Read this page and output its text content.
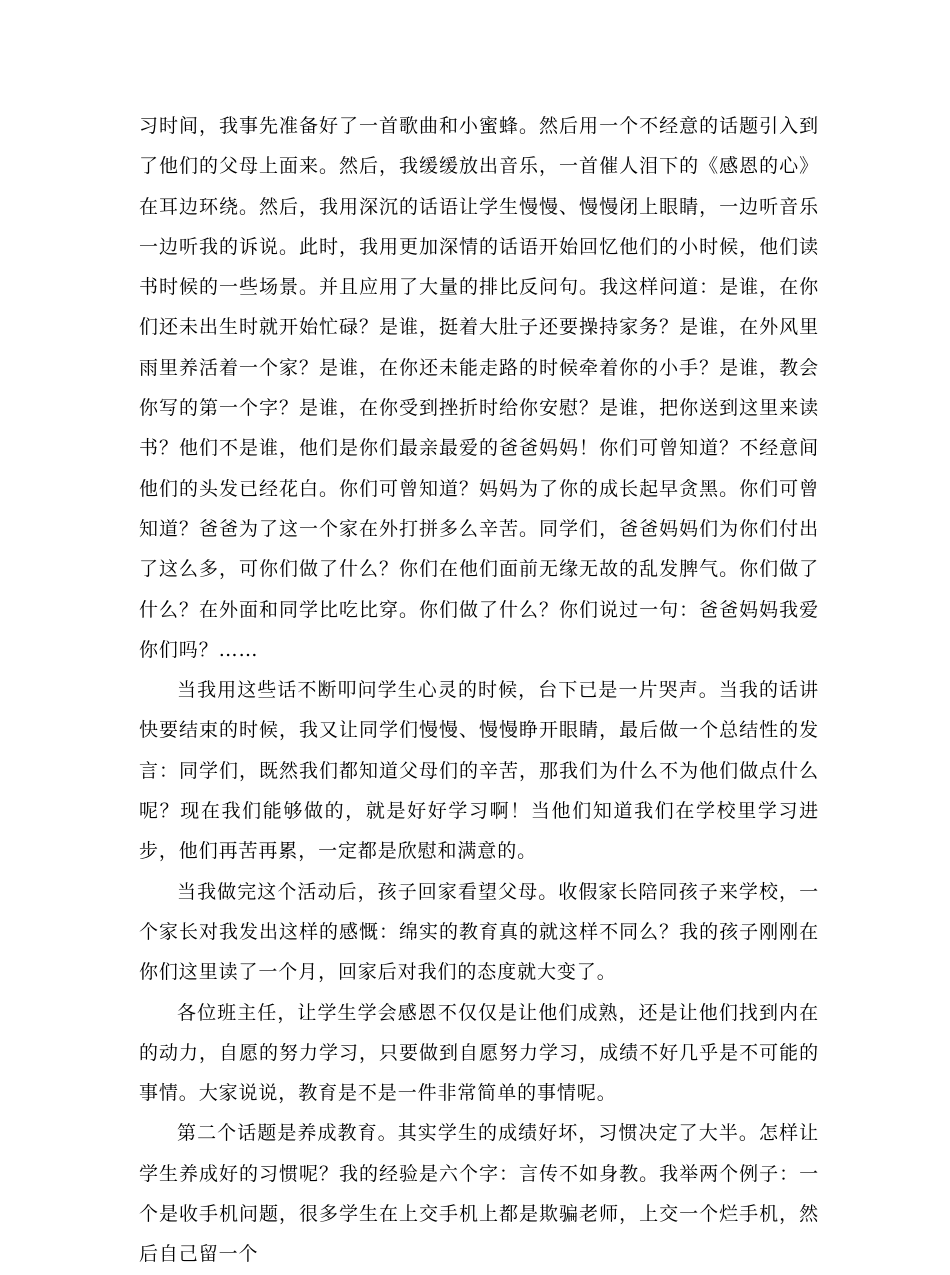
习时间，我事先准备好了一首歌曲和小蜜蜂。然后用一个不经意的话题引入到了他们的父母上面来。然后，我缓缓放出音乐，一首催人泪下的《感恩的心》在耳边环绕。然后，我用深沉的话语让学生慢慢、慢慢闭上眼睛，一边听音乐一边听我的诉说。此时，我用更加深情的话语开始回忆他们的小时候，他们读书时候的一些场景。并且应用了大量的排比反问句。我这样问道：是谁，在你们还未出生时就开始忙碌？是谁，挺着大肚子还要操持家务？是谁，在外风里雨里养活着一个家？是谁，在你还未能走路的时候牵着你的小手？是谁，教会你写的第一个字？是谁，在你受到挫折时给你安慰？是谁，把你送到这里来读书？他们不是谁，他们是你们最亲最爱的爸爸妈妈！你们可曾知道？不经意间他们的头发已经花白。你们可曾知道？妈妈为了你的成长起早贪黑。你们可曾知道？爸爸为了这一个家在外打拼多么辛苦。同学们，爸爸妈妈们为你们付出了这么多，可你们做了什么？你们在他们面前无缘无故的乱发脾气。你们做了什么？在外面和同学比吃比穿。你们做了什么？你们说过一句：爸爸妈妈我爱你们吗？……

当我用这些话不断叩问学生心灵的时候，台下已是一片哭声。当我的话讲快要结束的时候，我又让同学们慢慢、慢慢睁开眼睛，最后做一个总结性的发言：同学们，既然我们都知道父母们的辛苦，那我们为什么不为他们做点什么呢？现在我们能够做的，就是好好学习啊！当他们知道我们在学校里学习进步，他们再苦再累，一定都是欣慰和满意的。

当我做完这个活动后，孩子回家看望父母。收假家长陪同孩子来学校，一个家长对我发出这样的感慨：绵实的教育真的就这样不同么？我的孩子刚刚在你们这里读了一个月，回家后对我们的态度就大变了。

各位班主任，让学生学会感恩不仅仅是让他们成熟，还是让他们找到内在的动力，自愿的努力学习，只要做到自愿努力学习，成绩不好几乎是不可能的事情。大家说说，教育是不是一件非常简单的事情呢。

第二个话题是养成教育。其实学生的成绩好坏，习惯决定了大半。怎样让学生养成好的习惯呢？我的经验是六个字：言传不如身教。我举两个例子：一个是收手机问题，很多学生在上交手机上都是欺骗老师，上交一个烂手机，然后自己留一个
